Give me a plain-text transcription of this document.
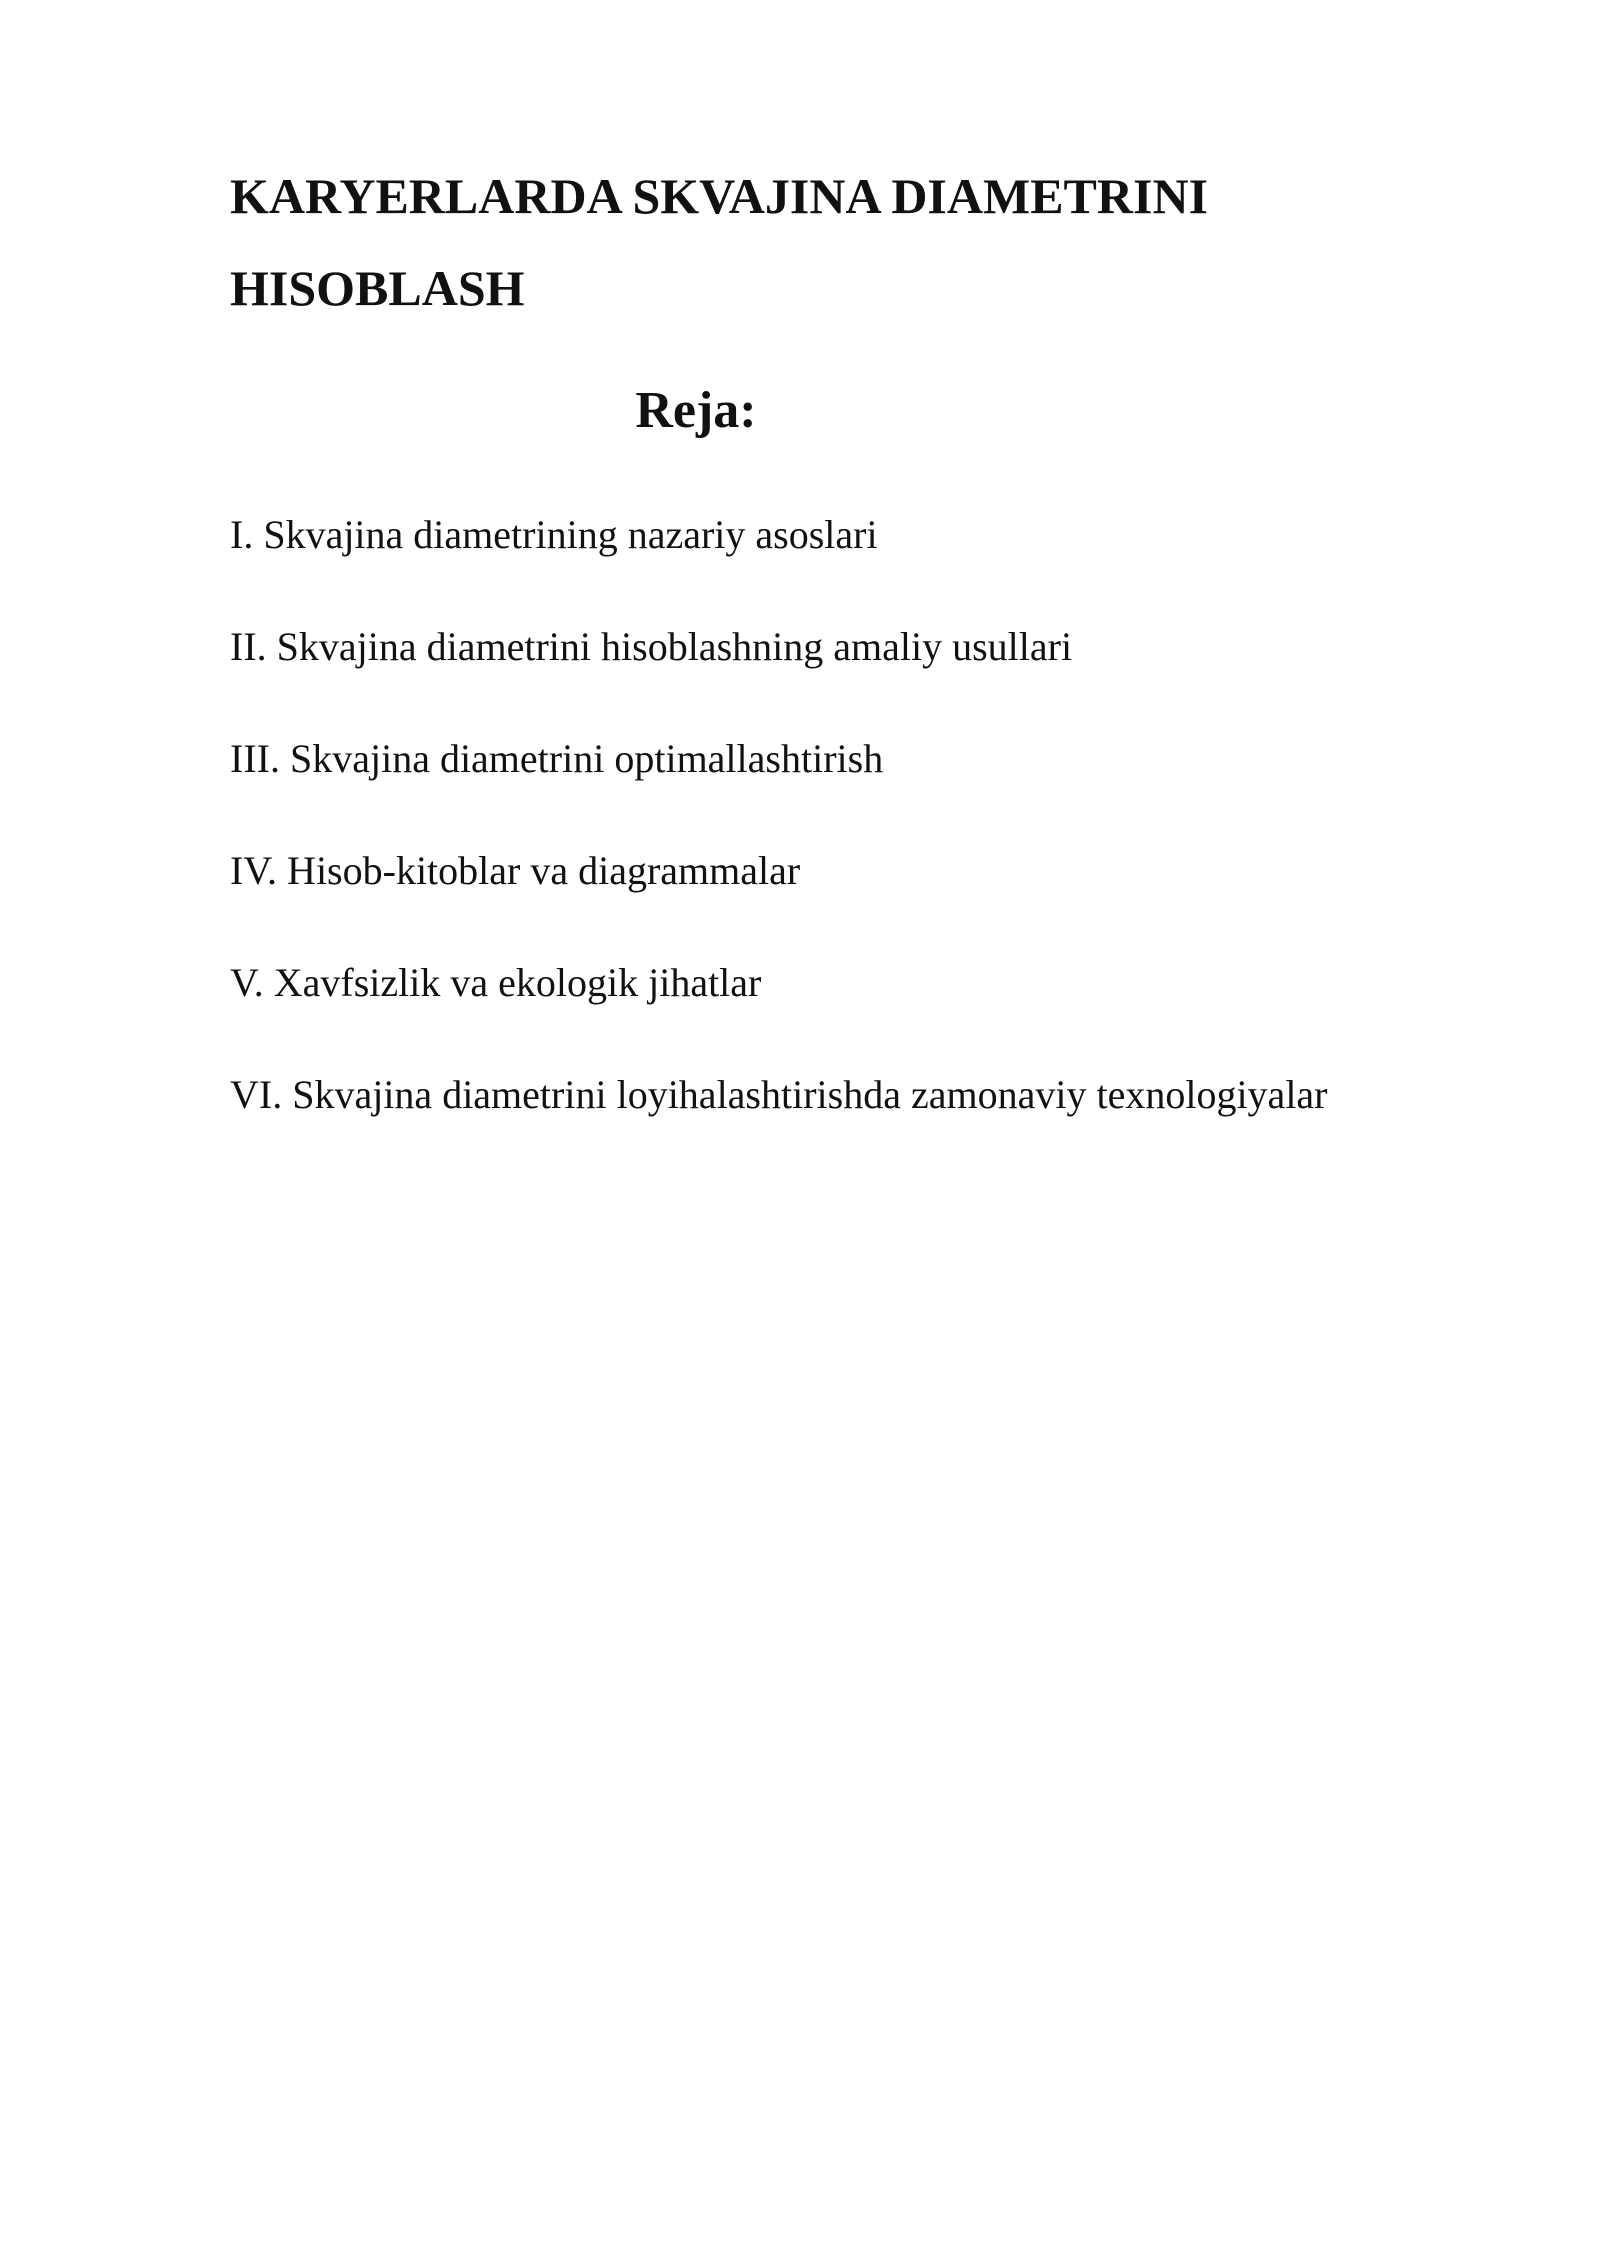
KARYERLARDA SKVAJINA DIAMETRINI
HISOBLASH
Reja:
I. Skvajina diametrining nazariy asoslari
II. Skvajina diametrini hisoblashning amaliy usullari
III. Skvajina diametrini optimallashtirish
IV. Hisob-kitoblar va diagrammalar
V. Xavfsizlik va ekologik jihatlar
VI. Skvajina diametrini loyihalashtirishda zamonaviy texnologiyalar
